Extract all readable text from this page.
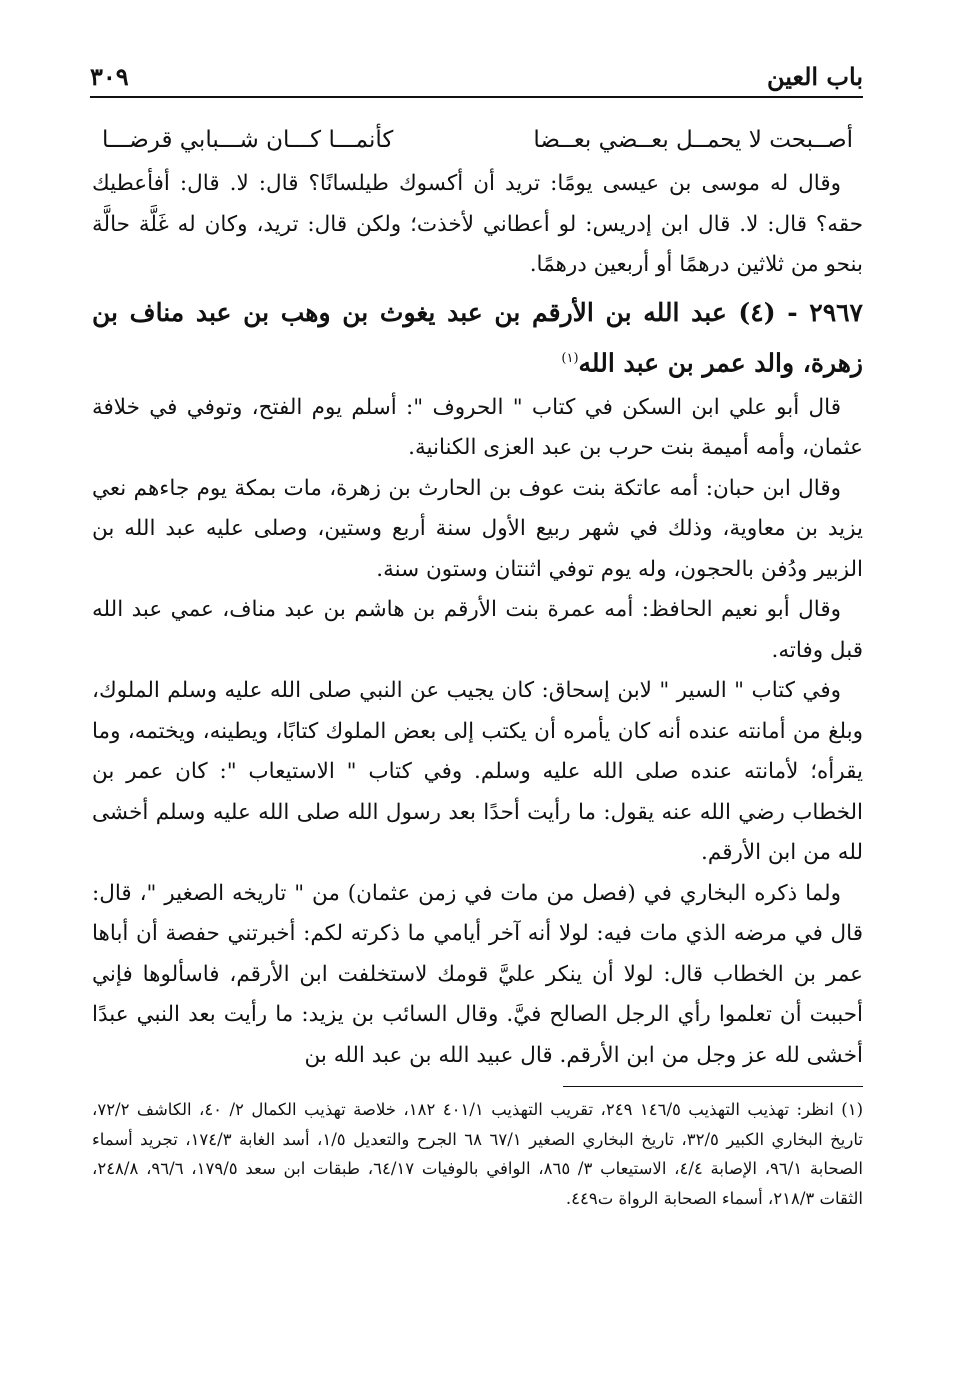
باب العين
٣٠٩
أصــبحت لا يحمــل بعــضي بعــضا
كأنمـــا كـــان شـــبابي قرضـــا

وقال له موسى بن عيسى يومًا: تريد أن أكسوك طيلسانًا؟ قال: لا. قال: أفأعطيك حقه؟ قال: لا. قال ابن إدريس: لو أعطاني لأخذت؛ ولكن قال: تريد، وكان له غَلَّة حالَّة بنحو من ثلاثين درهمًا أو أربعين درهمًا.

٢٩٦٧ - (٤) عبد الله بن الأرقم بن عبد يغوث بن وهب بن عبد مناف بن زهرة، والد عمر بن عبد الله$^{(١)}$

قال أبو علي ابن السكن في كتاب " الحروف ": أسلم يوم الفتح، وتوفي في خلافة عثمان، وأمه أميمة بنت حرب بن عبد العزى الكنانية.

وقال ابن حبان: أمه عاتكة بنت عوف بن الحارث بن زهرة، مات بمكة يوم جاءهم نعي يزيد بن معاوية، وذلك في شهر ربيع الأول سنة أربع وستين، وصلى عليه عبد الله بن الزبير ودُفن بالحجون، وله يوم توفي اثنتان وستون سنة.

وقال أبو نعيم الحافظ: أمه عمرة بنت الأرقم بن هاشم بن عبد مناف، عمي عبد الله قبل وفاته.

وفي كتاب " السير " لابن إسحاق: كان يجيب عن النبي صلى الله عليه وسلم الملوك، وبلغ من أمانته عنده أنه كان يأمره أن يكتب إلى بعض الملوك كتابًا، ويطينه، ويختمه، وما يقرأه؛ لأمانته عنده صلى الله عليه وسلم. وفي كتاب " الاستيعاب ": كان عمر بن الخطاب رضي الله عنه يقول: ما رأيت أحدًا بعد رسول الله صلى الله عليه وسلم أخشى لله من ابن الأرقم.

ولما ذكره البخاري في (فصل من مات في زمن عثمان) من " تاريخه الصغير "، قال: قال في مرضه الذي مات فيه: لولا أنه آخر أيامي ما ذكرته لكم: أخبرتني حفصة أن أباها عمر بن الخطاب قال: لولا أن ينكر عليَّ قومك لاستخلفت ابن الأرقم، فاسألوها فإني أحببت أن تعلموا رأي الرجل الصالح فيَّ. وقال السائب بن يزيد: ما رأيت بعد النبي عبدًا أخشى لله عز وجل من ابن الأرقم. قال عبيد الله بن عبد الله بن

(١) انظر: تهذيب التهذيب ١٤٦/٥ ٢٤٩، تقريب التهذيب ٤٠١/١ ١٨٢، خلاصة تهذيب الكمال ٢/ ٤٠، الكاشف ٧٢/٢، تاريخ البخاري الكبير ٣٢/٥، تاريخ البخاري الصغير ٦٧/١ ٦٨ الجرح والتعديل ١/٥، أسد الغابة ١٧٤/٣، تجريد أسماء الصحابة ٩٦/١، الإصابة ٤/٤، الاستيعاب ٣/ ٨٦٥، الوافي بالوفيات ٦٤/١٧، طبقات ابن سعد ١٧٩/٥، ٩٦/٦، ٢٤٨/٨، الثقات ٢١٨/٣، أسماء الصحابة الرواة ت٤٤٩.
